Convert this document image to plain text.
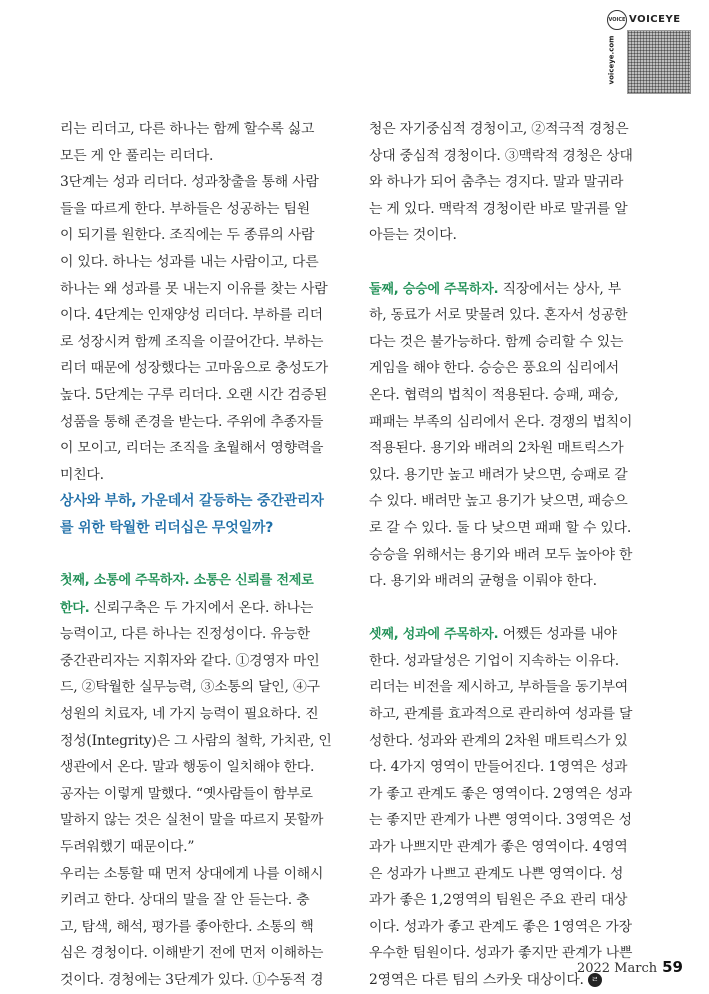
VOICE VOICEYE
voiceye.com
리는 리더고, 다른 하나는 함께 할수록 싫고
모든 게 안 풀리는 리더다.
3단계는 성과 리더다. 성과창출을 통해 사람
들을 따르게 한다. 부하들은 성공하는 팀원
이 되기를 원한다. 조직에는 두 종류의 사람
이 있다. 하나는 성과를 내는 사람이고, 다른
하나는 왜 성과를 못 내는지 이유를 찾는 사람
이다. 4단계는 인재양성 리더다. 부하를 리더
로 성장시켜 함께 조직을 이끌어간다. 부하는
리더 때문에 성장했다는 고마움으로 충성도가
높다. 5단계는 구루 리더다. 오랜 시간 검증된
성품을 통해 존경을 받는다. 주위에 추종자들
이 모이고, 리더는 조직을 초월해서 영향력을
미친다.
상사와 부하, 가운데서 갈등하는 중간관리자
를 위한 탁월한 리더십은 무엇일까?
첫째, 소통에 주목하자. 소통은 신뢰를 전제로
한다. 신뢰구축은 두 가지에서 온다. 하나는
능력이고, 다른 하나는 진정성이다. 유능한
중간관리자는 지휘자와 같다. ①경영자 마인
드, ②탁월한 실무능력, ③소통의 달인, ④구
성원의 치료자, 네 가지 능력이 필요하다. 진
정성(Integrity)은 그 사람의 철학, 가치관, 인
생관에서 온다. 말과 행동이 일치해야 한다.
공자는 이렇게 말했다. “옛사람들이 함부로
말하지 않는 것은 실천이 말을 따르지 못할까
두려워했기 때문이다.”
우리는 소통할 때 먼저 상대에게 나를 이해시
키려고 한다. 상대의 말을 잘 안 듣는다. 충
고, 탐색, 해석, 평가를 좋아한다. 소통의 핵
심은 경청이다. 이해받기 전에 먼저 이해하는
것이다. 경청에는 3단계가 있다. ①수동적 경
청은 자기중심적 경청이고, ②적극적 경청은
상대 중심적 경청이다. ③맥락적 경청은 상대
와 하나가 되어 춤추는 경지다. 말과 말귀라
는 게 있다. 맥락적 경청이란 바로 말귀를 알
아듣는 것이다.
둘째, 승승에 주목하자. 직장에서는 상사, 부
하, 동료가 서로 맞물려 있다. 혼자서 성공한
다는 것은 불가능하다. 함께 승리할 수 있는
게임을 해야 한다. 승승은 풍요의 심리에서
온다. 협력의 법칙이 적용된다. 승패, 패승,
패패는 부족의 심리에서 온다. 경쟁의 법칙이
적용된다. 용기와 배려의 2차원 매트릭스가
있다. 용기만 높고 배려가 낮으면, 승패로 갈
수 있다. 배려만 높고 용기가 낮으면, 패승으
로 갈 수 있다. 둘 다 낮으면 패패 할 수 있다.
승승을 위해서는 용기와 배려 모두 높아야 한
다. 용기와 배려의 균형을 이뤄야 한다.
셋째, 성과에 주목하자. 어쨌든 성과를 내야
한다. 성과달성은 기업이 지속하는 이유다.
리더는 비전을 제시하고, 부하들을 동기부여
하고, 관계를 효과적으로 관리하여 성과를 달
성한다. 성과와 관계의 2차원 매트릭스가 있
다. 4가지 영역이 만들어진다. 1영역은 성과
가 좋고 관계도 좋은 영역이다. 2영역은 성과
는 좋지만 관계가 나쁜 영역이다. 3영역은 성
과가 나쁘지만 관계가 좋은 영역이다. 4영역
은 성과가 나쁘고 관계도 나쁜 영역이다. 성
과가 좋은 1,2영역의 팀원은 주요 관리 대상
이다. 성과가 좋고 관계도 좋은 1영역은 가장
우수한 팀원이다. 성과가 좋지만 관계가 나쁜
2영역은 다른 팀의 스카웃 대상이다. ㄹ
2022 March 59
